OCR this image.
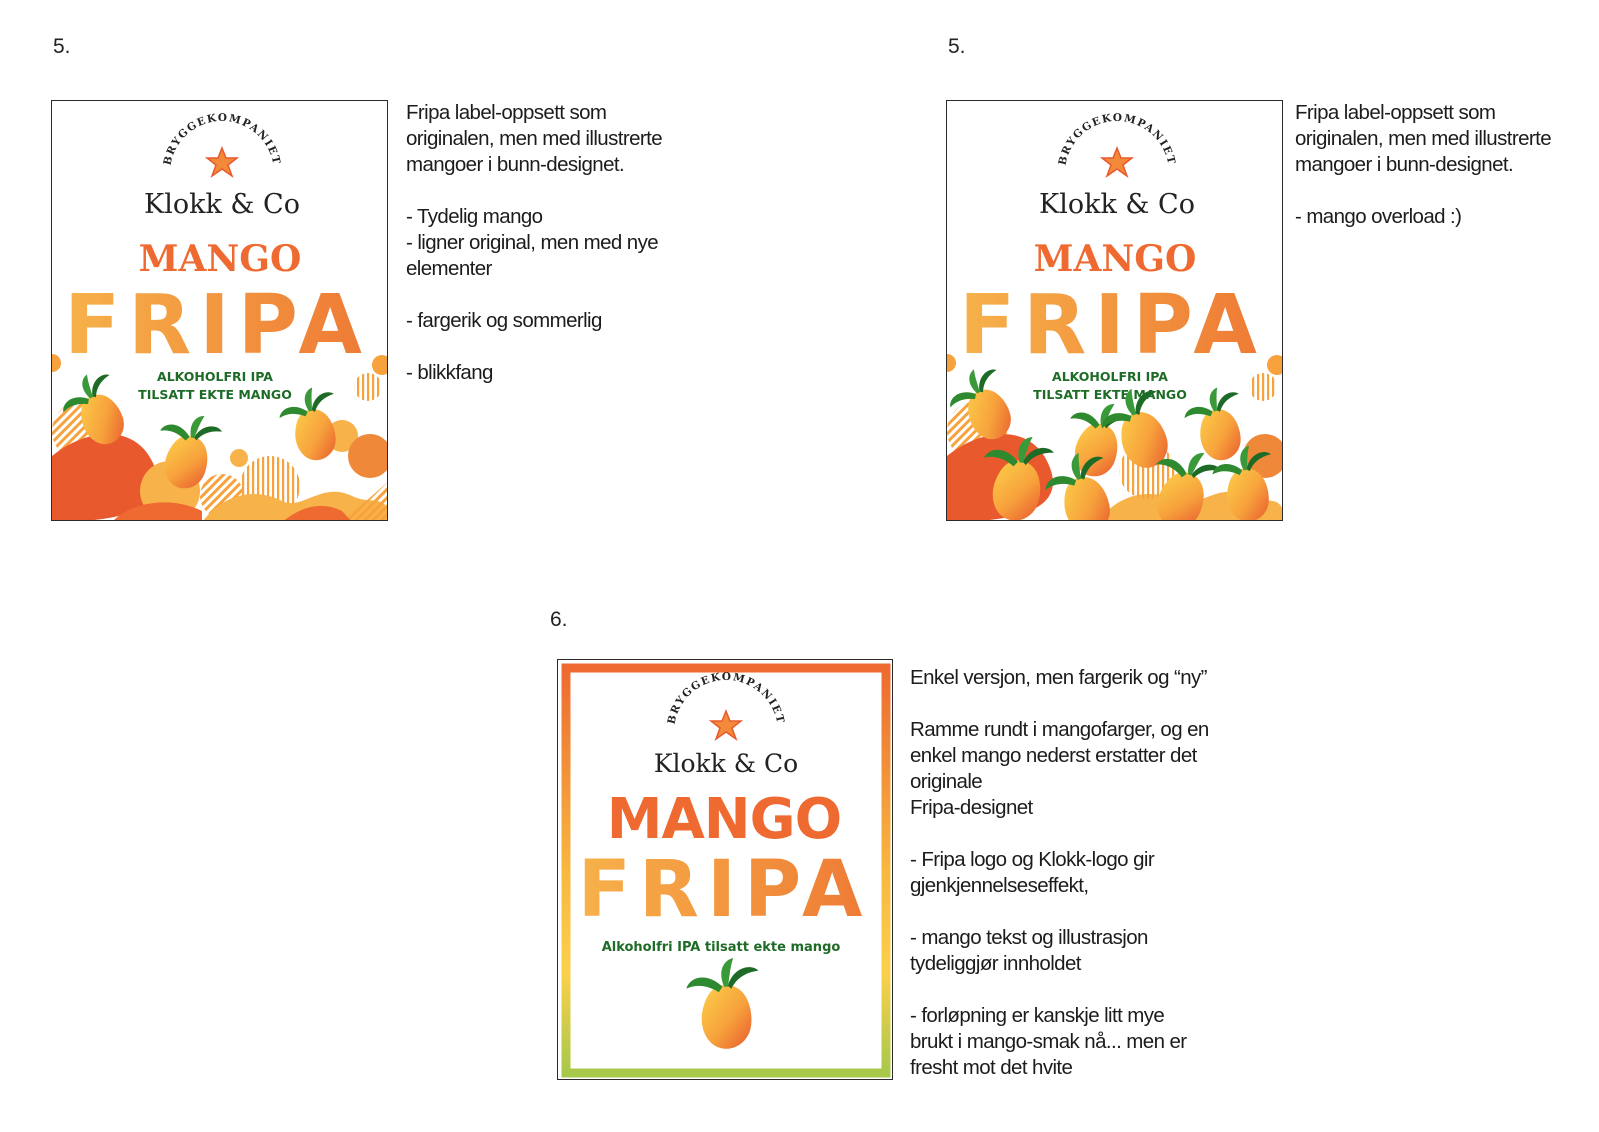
5.
BRYGGEKOMPANIET
Klokk & Co
MANGO
FRIPA
ALKOHOLFRI IPA
TILSATT EKTE MANGO

Fripa label-oppsett som
originalen, men med illustrerte
mangoer i bunn-designet.

- Tydelig mango
- ligner original, men med nye
elementer

- fargerik og sommerlig

- blikkfang

5.
BRYGGEKOMPANIET
Klokk & Co
MANGO
FRIPA
ALKOHOLFRI IPA
TILSATT EKTE MANGO

Fripa label-oppsett som
originalen, men med illustrerte
mangoer i bunn-designet.

- mango overload :)

6.
BRYGGEKOMPANIET
Klokk & Co
MANGO
FRIPA
Alkoholfri IPA tilsatt ekte mango

Enkel versjon, men fargerik og “ny”

Ramme rundt i mangofarger, og en
enkel mango nederst erstatter det
originale
Fripa-designet

- Fripa logo og Klokk-logo gir
gjenkjennelseseffekt,

- mango tekst og illustrasjon
tydeliggjør innholdet

- forløpning er kanskje litt mye
brukt i mango-smak nå... men er
fresht mot det hvite
